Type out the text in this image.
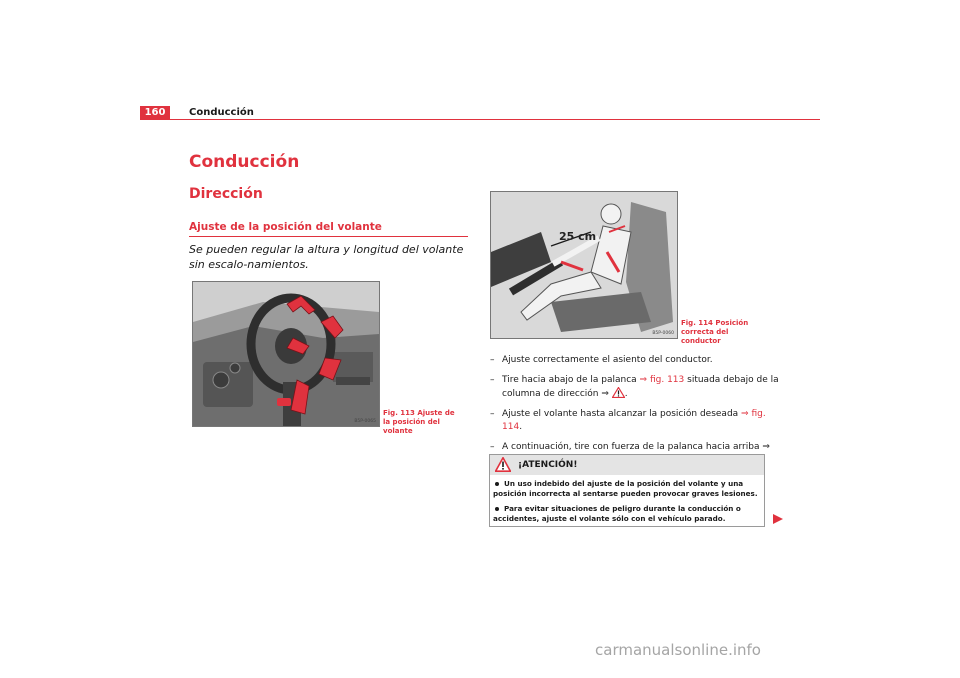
160	Conducción
Conducción
Dirección
Ajuste de la posición del volante
Se pueden regular la altura y longitud del volante sin escalo-namientos.
B5P-0065
Fig. 113 Ajuste de la posición del volante
25 cm
B5P-0060
Fig. 114 Posición correcta del conductor
– Ajuste correctamente el asiento del conductor.
– Tire hacia abajo de la palanca ⇒ fig. 113 situada debajo de la columna de dirección ⇒ .
– Ajuste el volante hasta alcanzar la posición deseada ⇒ fig. 114.
– A continuación, tire con fuerza de la palanca hacia arriba ⇒
¡ATENCIÓN!
Un uso indebido del ajuste de la posición del volante y una posición incorrecta al sentarse pueden provocar graves lesiones.
Para evitar situaciones de peligro durante la conducción o accidentes, ajuste el volante sólo con el vehículo parado.
carmanualsonline.info
